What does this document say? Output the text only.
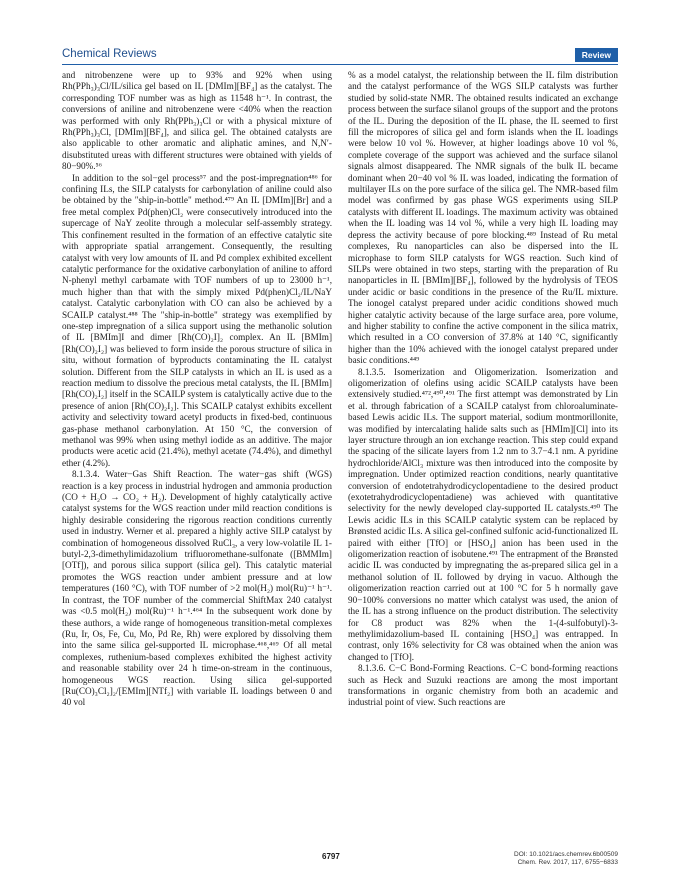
Chemical Reviews	Review

and nitrobenzene were up to 93% and 92% when using Rh(PPh₃)₃Cl/IL/silica gel based on IL [DMIm][BF₄] as the catalyst. The corresponding TOF number was as high as 11548 h⁻¹. In contrast, the conversions of aniline and nitrobenzene were <40% when the reaction was performed with only Rh(PPh₃)₃Cl or with a physical mixture of Rh(PPh₃)₃Cl, [DMIm][BF₄], and silica gel. The obtained catalysts are also applicable to other aromatic and aliphatic amines, and N,N′-disubstituted ureas with different structures were obtained with yields of 80−90%.⁵⁶

In addition to the sol−gel process⁵⁷ and the post-impregnation⁴⁸⁶ for confining ILs, the SILP catalysts for carbonylation of aniline could also be obtained by the "ship-in-bottle" method.⁴⁷⁹ An IL [DMIm][Br] and a free metal complex Pd(phen)Cl₂ were consecutively introduced into the supercage of NaY zeolite through a molecular self-assembly strategy. This confinement resulted in the formation of an effective catalytic site with appropriate spatial arrangement. Consequently, the resulting catalyst with very low amounts of IL and Pd complex exhibited excellent catalytic performance for the oxidative carbonylation of aniline to afford N-phenyl methyl carbamate with TOF numbers of up to 23000 h⁻¹, much higher than that with the simply mixed Pd(phen)Cl₂/IL/NaY catalyst. Catalytic carbonylation with CO can also be achieved by a SCAILP catalyst.⁴⁸⁸ The "ship-in-bottle" strategy was exemplified by one-step impregnation of a silica support using the methanolic solution of IL [BMIm]I and dimer [Rh(CO)₂I]₂ complex. An IL [BMIm][Rh(CO)₂I₂] was believed to form inside the porous structure of silica in situ, without formation of byproducts contaminating the IL catalyst solution. Different from the SILP catalysts in which an IL is used as a reaction medium to dissolve the precious metal catalysts, the IL [BMIm][Rh(CO)₂I₂] itself in the SCAILP system is catalytically active due to the presence of anion [Rh(CO)₂I₂]. This SCAILP catalyst exhibits excellent activity and selectivity toward acetyl products in fixed-bed, continuous gas-phase methanol carbonylation. At 150 °C, the conversion of methanol was 99% when using methyl iodide as an additive. The major products were acetic acid (21.4%), methyl acetate (74.4%), and dimethyl ether (4.2%).

8.1.3.4. Water−Gas Shift Reaction. The water−gas shift (WGS) reaction is a key process in industrial hydrogen and ammonia production (CO + H₂O → CO₂ + H₂). Development of highly catalytically active catalyst systems for the WGS reaction under mild reaction conditions is highly desirable considering the rigorous reaction conditions currently used in industry. Werner et al. prepared a highly active SILP catalyst by combination of homogeneous dissolved RuCl₃, a very low-volatile IL 1-butyl-2,3-dimethylimidazolium trifluoromethane-sulfonate ([BMMIm][OTf]), and porous silica support (silica gel). This catalytic material promotes the WGS reaction under ambient pressure and at low temperatures (160 °C), with TOF number of >2 mol(H₂) mol(Ru)⁻¹ h⁻¹. In contrast, the TOF number of the commercial ShiftMax 240 catalyst was <0.5 mol(H₂) mol(Ru)⁻¹ h⁻¹.⁴⁶⁴ In the subsequent work done by these authors, a wide range of homogeneous transition-metal complexes (Ru, Ir, Os, Fe, Cu, Mo, Pd Re, Rh) were explored by dissolving them into the same silica gel-supported IL microphase.⁴⁶⁸,⁴⁶⁹ Of all metal complexes, ruthenium-based complexes exhibited the highest activity and reasonable stability over 24 h time-on-stream in the continuous, homogeneous WGS reaction. Using silica gel-supported [Ru(CO)₃Cl₂]₂/[EMIm][NTf₂] with variable IL loadings between 0 and 40 vol

% as a model catalyst, the relationship between the IL film distribution and the catalyst performance of the WGS SILP catalysts was further studied by solid-state NMR. The obtained results indicated an exchange process between the surface silanol groups of the support and the protons of the IL. During the deposition of the IL phase, the IL seemed to first fill the micropores of silica gel and form islands when the IL loadings were below 10 vol %. However, at higher loadings above 10 vol %, complete coverage of the support was achieved and the surface silanol signals almost disappeared. The NMR signals of the bulk IL became dominant when 20−40 vol % IL was loaded, indicating the formation of multilayer ILs on the pore surface of the silica gel. The NMR-based film model was confirmed by gas phase WGS experiments using SILP catalysts with different IL loadings. The maximum activity was obtained when the IL loading was 14 vol %, while a very high IL loading may depress the activity because of pore blocking.⁴⁸⁹ Instead of Ru metal complexes, Ru nanoparticles can also be dispersed into the IL microphase to form SILP catalysts for WGS reaction. Such kind of SILPs were obtained in two steps, starting with the preparation of Ru nanoparticles in IL [BMIm][BF₄], followed by the hydrolysis of TEOS under acidic or basic conditions in the presence of the Ru/IL mixture. The ionogel catalyst prepared under acidic conditions showed much higher catalytic activity because of the large surface area, pore volume, and higher stability to confine the active component in the silica matrix, which resulted in a CO conversion of 37.8% at 140 °C, significantly higher than the 10% achieved with the ionogel catalyst prepared under basic conditions.⁴⁴⁹

8.1.3.5. Isomerization and Oligomerization. Isomerization and oligomerization of olefins using acidic SCAILP catalysts have been extensively studied.⁴⁷²,⁴⁹⁰,⁴⁹¹ The first attempt was demonstrated by Lin et al. through fabrication of a SCAILP catalyst from chloroaluminate-based Lewis acidic ILs. The support material, sodium montmorillonite, was modified by intercalating halide salts such as [HMIm][Cl] into its layer structure through an ion exchange reaction. This step could expand the spacing of the silicate layers from 1.2 nm to 3.7−4.1 nm. A pyridine hydrochloride/AlCl₃ mixture was then introduced into the composite by impregnation. Under optimized reaction conditions, nearly quantitative conversion of endotetrahydrodicyclopentadiene to the desired product (exotetrahydrodicyclopentadiene) was achieved with quantitative selectivity for the newly developed clay-supported IL catalysts.⁴⁹⁰ The Lewis acidic ILs in this SCAILP catalytic system can be replaced by Brønsted acidic ILs. A silica gel-confined sulfonic acid-functionalized IL paired with either [TfO] or [HSO₄] anion has been used in the oligomerization reaction of isobutene.⁴⁹¹ The entrapment of the Brønsted acidic IL was conducted by impregnating the as-prepared silica gel in a methanol solution of IL followed by drying in vacuo. Although the oligomerization reaction carried out at 100 °C for 5 h normally gave 90−100% conversions no matter which catalyst was used, the anion of the IL has a strong influence on the product distribution. The selectivity for C8 product was 82% when the 1-(4-sulfobutyl)-3-methylimidazolium-based IL containing [HSO₄] was entrapped. In contrast, only 16% selectivity for C8 was obtained when the anion was changed to [TfO].

8.1.3.6. C−C Bond-Forming Reactions. C−C bond-forming reactions such as Heck and Suzuki reactions are among the most important transformations in organic chemistry from both an academic and industrial point of view. Such reactions are

6797	DOI: 10.1021/acs.chemrev.6b00509
Chem. Rev. 2017, 117, 6755−6833
